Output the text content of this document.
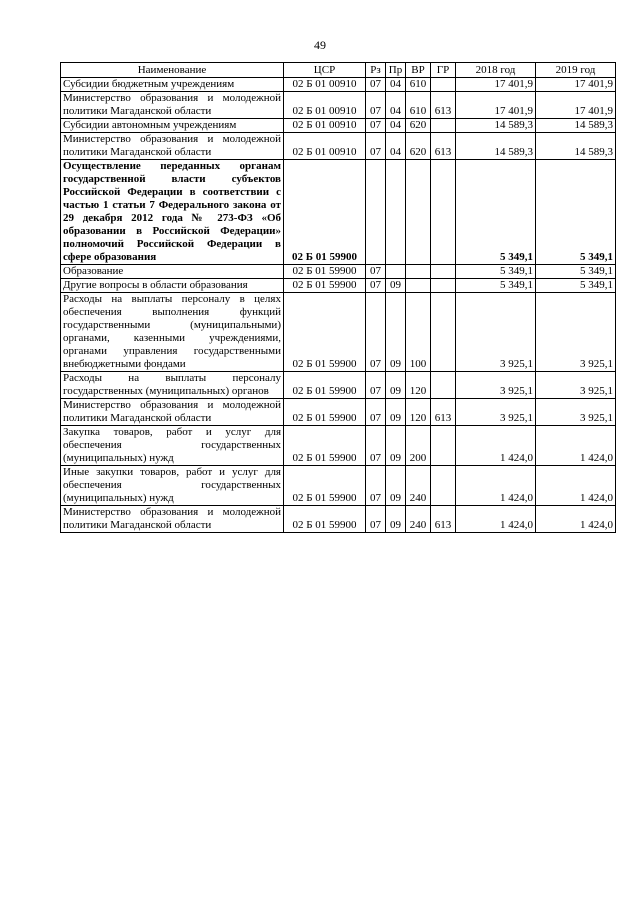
49
Наименование	ЦСР	Рз	Пр	ВР	ГР	2018 год	2019 год
Субсидии бюджетным учреждениям	02 Б 01 00910	07	04	610		17 401,9	17 401,9
Министерство образования и молодежной политики Магаданской области	02 Б 01 00910	07	04	610	613	17 401,9	17 401,9
Субсидии автономным учреждениям	02 Б 01 00910	07	04	620		14 589,3	14 589,3
Министерство образования и молодежной политики Магаданской области	02 Б 01 00910	07	04	620	613	14 589,3	14 589,3
Осуществление переданных органам государственной власти субъектов Российской Федерации в соответствии с частью 1 статьи 7 Федерального закона от 29 декабря 2012 года № 273-ФЗ «Об образовании в Российской Федерации» полномочий Российской Федерации в сфере образования	02 Б 01 59900					5 349,1	5 349,1
Образование	02 Б 01 59900	07				5 349,1	5 349,1
Другие вопросы в области образования	02 Б 01 59900	07	09			5 349,1	5 349,1
Расходы на выплаты персоналу в целях обеспечения выполнения функций государственными (муниципальными) органами, казенными учреждениями, органами управления государственными внебюджетными фондами	02 Б 01 59900	07	09	100		3 925,1	3 925,1
Расходы на выплаты персоналу государственных (муниципальных) органов	02 Б 01 59900	07	09	120		3 925,1	3 925,1
Министерство образования и молодежной политики Магаданской области	02 Б 01 59900	07	09	120	613	3 925,1	3 925,1
Закупка товаров, работ и услуг для обеспечения государственных (муниципальных) нужд	02 Б 01 59900	07	09	200		1 424,0	1 424,0
Иные закупки товаров, работ и услуг для обеспечения государственных (муниципальных) нужд	02 Б 01 59900	07	09	240		1 424,0	1 424,0
Министерство образования и молодежной политики Магаданской области	02 Б 01 59900	07	09	240	613	1 424,0	1 424,0
